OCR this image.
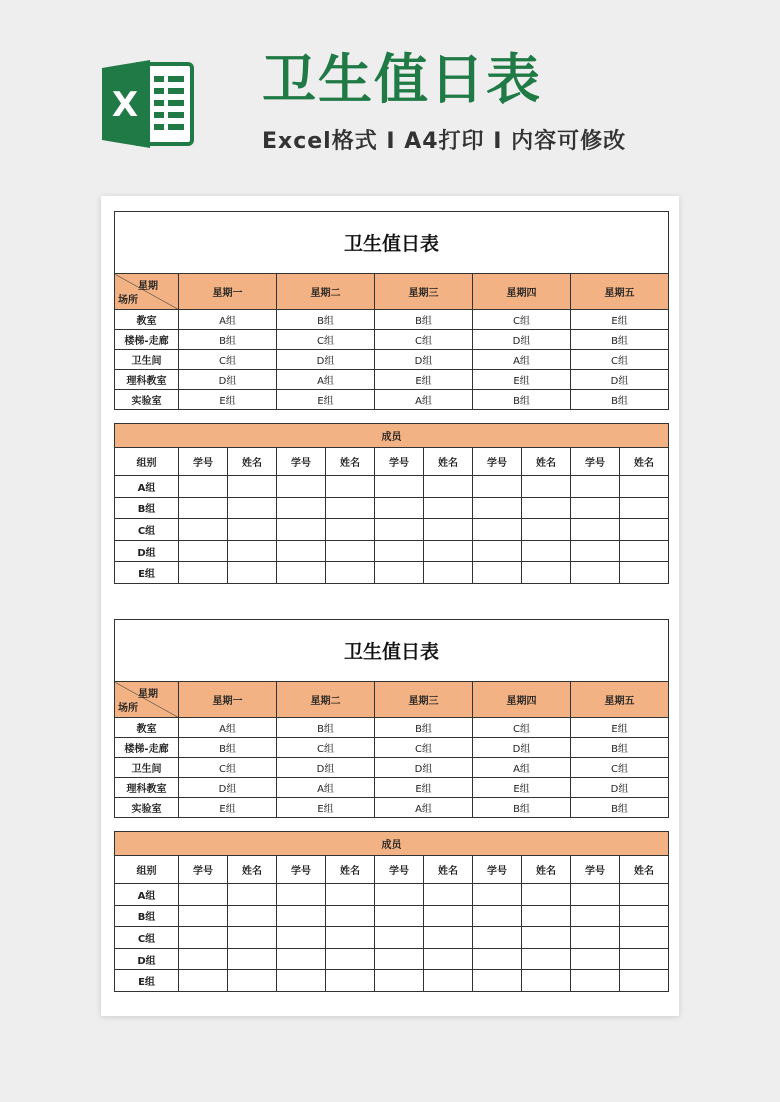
X 卫生值日表
Excel格式 I A4打印 I 内容可修改
卫生值日表					

星期
场所	星期一	星期二	星期三	星期四	星期五
教室	A组	B组	B组	C组	E组
楼梯-走廊	B组	C组	C组	D组	B组
卫生间	C组	D组	D组	A组	C组
理科教室	D组	A组	E组	E组	D组
实验室	E组	E组	A组	B组	B组
成员										
组别	学号	姓名	学号	姓名	学号	姓名	学号	姓名	学号	姓名
A组										
B组										
C组										
D组										
E组										
卫生值日表					

星期
场所	星期一	星期二	星期三	星期四	星期五
教室	A组	B组	B组	C组	E组
楼梯-走廊	B组	C组	C组	D组	B组
卫生间	C组	D组	D组	A组	C组
理科教室	D组	A组	E组	E组	D组
实验室	E组	E组	A组	B组	B组
成员										
组别	学号	姓名	学号	姓名	学号	姓名	学号	姓名	学号	姓名
A组										
B组										
C组										
D组										
E组										
